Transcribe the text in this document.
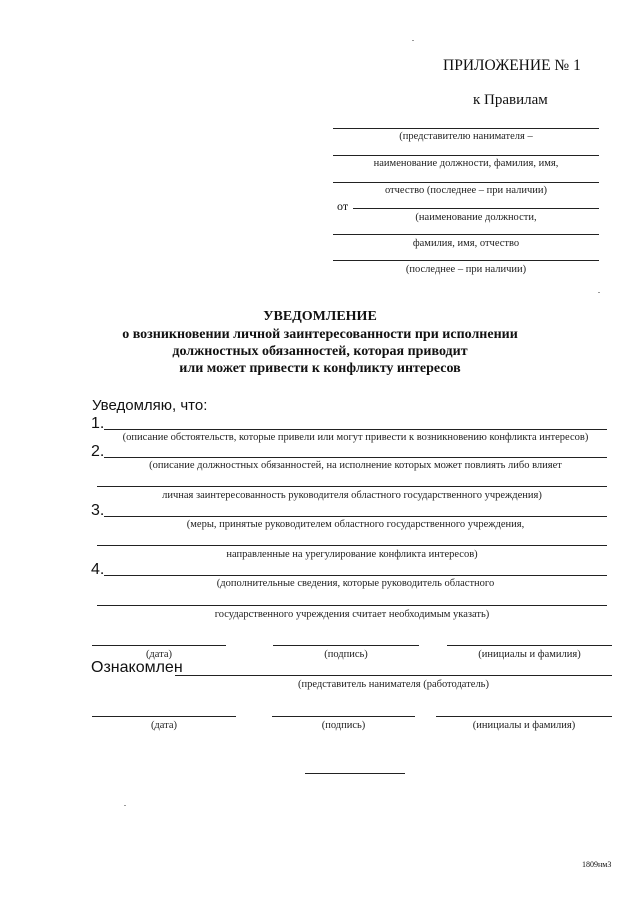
ПРИЛОЖЕНИЕ № 1
к Правилам
(представителю нанимателя –
наименование должности, фамилия, имя,
отчество (последнее – при наличии)
от
(наименование должности,
фамилия, имя, отчество
(последнее – при наличии)
УВЕДОМЛЕНИЕ
о возникновении личной заинтересованности при исполнении
должностных обязанностей, которая приводит
или может привести к конфликту интересов
Уведомляю, что:
1.
(описание обстоятельств, которые привели или могут привести к возникновению конфликта интересов)
2.
(описание должностных обязанностей, на исполнение которых может повлиять либо влияет
личная заинтересованность руководителя областного государственного учреждения)
3.
(меры, принятые руководителем областного государственного учреждения,
направленные на урегулирование конфликта интересов)
4.
(дополнительные сведения, которые руководитель областного
государственного учреждения считает необходимым указать)
(дата)	(подпись)	(инициалы и фамилия)
Ознакомлен
(представитель нанимателя (работодатель)
(дата)	(подпись)	(инициалы и фамилия)
1809нм3
